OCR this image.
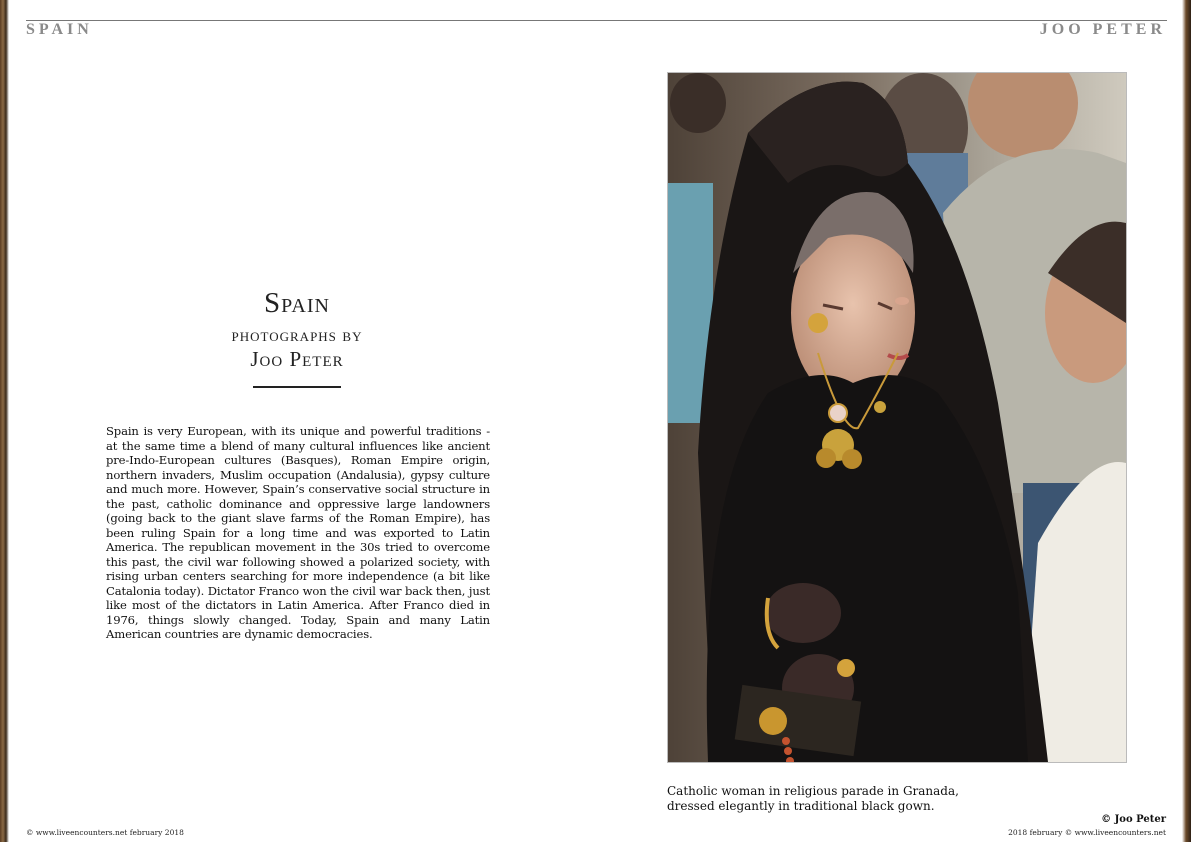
SPAIN	JOO PETER
Spain
photographs by
Joo Peter
Spain is very European, with its unique and powerful traditions - at the same time a blend of many cultural influences like ancient pre-Indo-European cultures (Basques), Roman Empire origin, northern invaders, Muslim occupation (Andalusia), gypsy culture and much more. However, Spain’s conservative social structure in the past, catholic dominance and oppressive large landowners (going back to the giant slave farms of the Roman Empire), has been ruling Spain for a long time and was exported to Latin America. The republican movement in the 30s tried to overcome this past, the civil war following showed a polarized society, with rising urban centers searching for more independence (a bit like Catalonia today). Dictator Franco won the civil war back then, just like most of the dictators in Latin America. After Franco died in 1976, things slowly changed. Today, Spain and many Latin American countries are dynamic democracies.
Catholic woman in religious parade in Granada,
dressed elegantly in traditional black gown.
© Joo Peter
© www.liveencounters.net february 2018	2018 february © www.liveencounters.net
